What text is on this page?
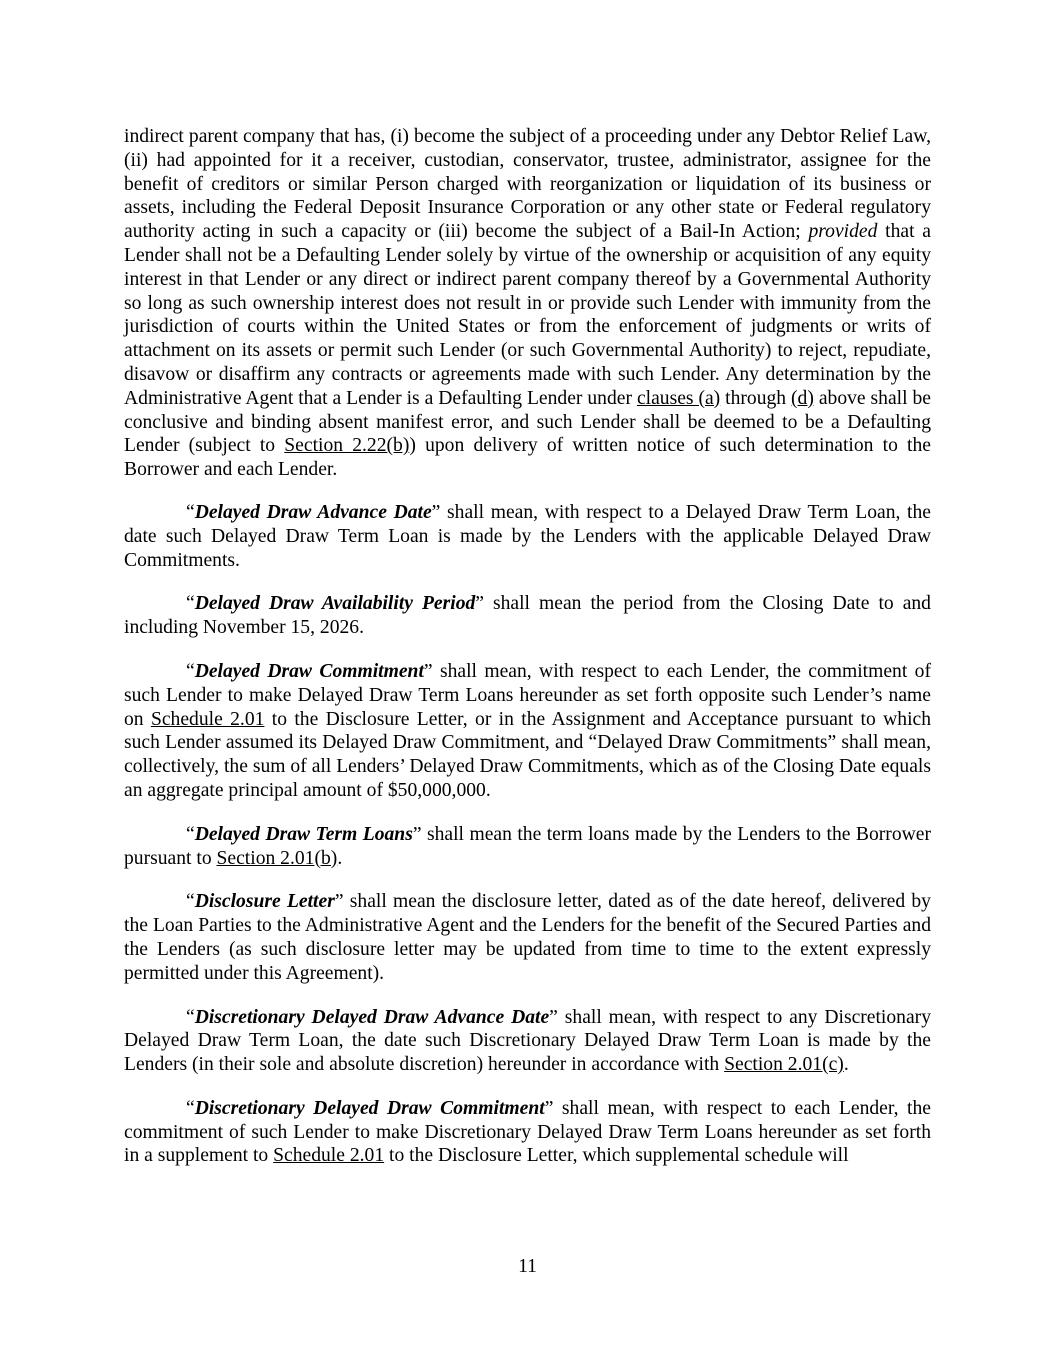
indirect parent company that has, (i) become the subject of a proceeding under any Debtor Relief Law, (ii) had appointed for it a receiver, custodian, conservator, trustee, administrator, assignee for the benefit of creditors or similar Person charged with reorganization or liquidation of its business or assets, including the Federal Deposit Insurance Corporation or any other state or Federal regulatory authority acting in such a capacity or (iii) become the subject of a Bail-In Action; provided that a Lender shall not be a Defaulting Lender solely by virtue of the ownership or acquisition of any equity interest in that Lender or any direct or indirect parent company thereof by a Governmental Authority so long as such ownership interest does not result in or provide such Lender with immunity from the jurisdiction of courts within the United States or from the enforcement of judgments or writs of attachment on its assets or permit such Lender (or such Governmental Authority) to reject, repudiate, disavow or disaffirm any contracts or agreements made with such Lender. Any determination by the Administrative Agent that a Lender is a Defaulting Lender under clauses (a) through (d) above shall be conclusive and binding absent manifest error, and such Lender shall be deemed to be a Defaulting Lender (subject to Section 2.22(b)) upon delivery of written notice of such determination to the Borrower and each Lender.

“Delayed Draw Advance Date” shall mean, with respect to a Delayed Draw Term Loan, the date such Delayed Draw Term Loan is made by the Lenders with the applicable Delayed Draw Commitments.

“Delayed Draw Availability Period” shall mean the period from the Closing Date to and including November 15, 2026.

“Delayed Draw Commitment” shall mean, with respect to each Lender, the commitment of such Lender to make Delayed Draw Term Loans hereunder as set forth opposite such Lender’s name on Schedule 2.01 to the Disclosure Letter, or in the Assignment and Acceptance pursuant to which such Lender assumed its Delayed Draw Commitment, and “Delayed Draw Commitments” shall mean, collectively, the sum of all Lenders’ Delayed Draw Commitments, which as of the Closing Date equals an aggregate principal amount of $50,000,000.

“Delayed Draw Term Loans” shall mean the term loans made by the Lenders to the Borrower pursuant to Section 2.01(b).

“Disclosure Letter” shall mean the disclosure letter, dated as of the date hereof, delivered by the Loan Parties to the Administrative Agent and the Lenders for the benefit of the Secured Parties and the Lenders (as such disclosure letter may be updated from time to time to the extent expressly permitted under this Agreement).

“Discretionary Delayed Draw Advance Date” shall mean, with respect to any Discretionary Delayed Draw Term Loan, the date such Discretionary Delayed Draw Term Loan is made by the Lenders (in their sole and absolute discretion) hereunder in accordance with Section 2.01(c).

“Discretionary Delayed Draw Commitment” shall mean, with respect to each Lender, the commitment of such Lender to make Discretionary Delayed Draw Term Loans hereunder as set forth in a supplement to Schedule 2.01 to the Disclosure Letter, which supplemental schedule will

11
